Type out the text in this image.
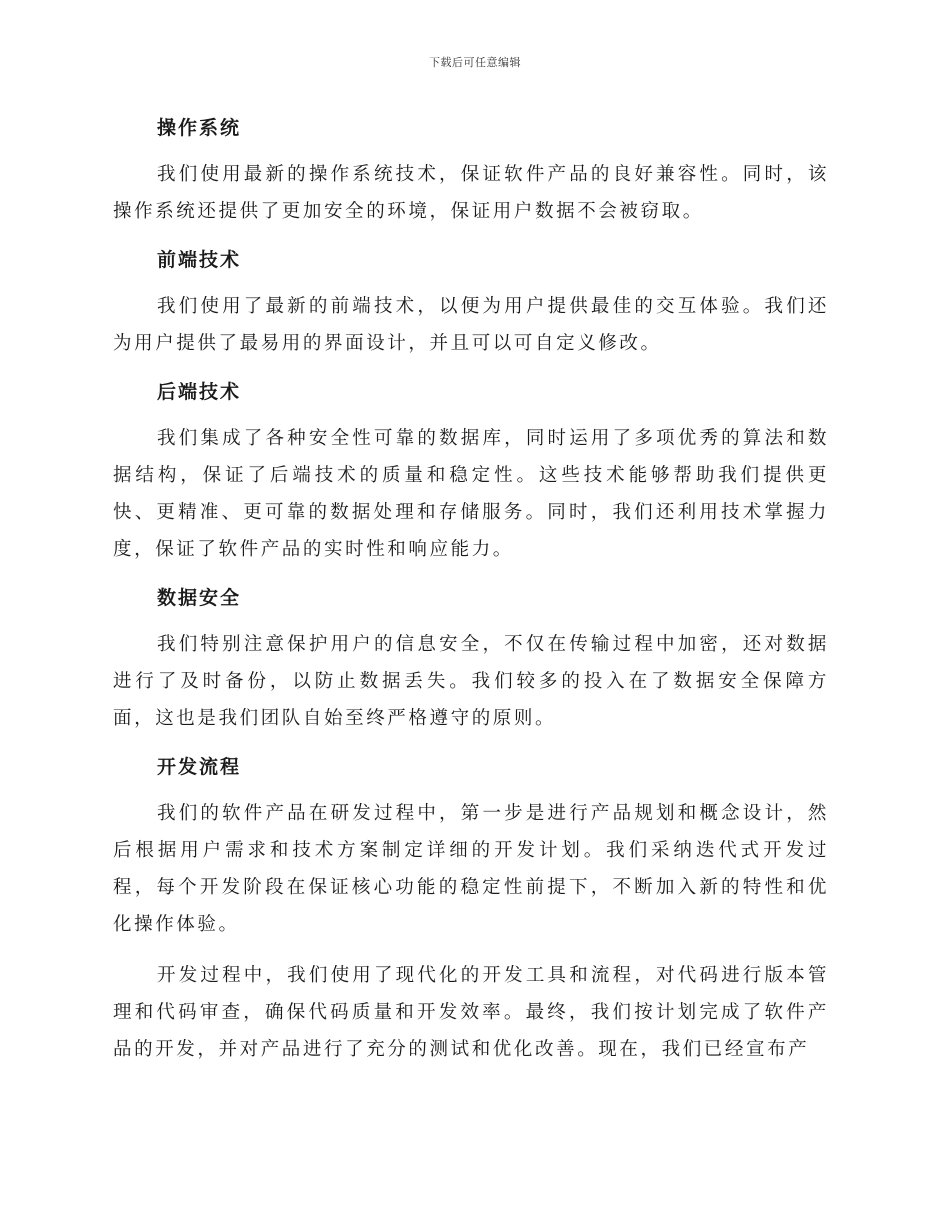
下载后可任意编辑
操作系统

我们使用最新的操作系统技术，保证软件产品的良好兼容性。同时，该操作系统还提供了更加安全的环境，保证用户数据不会被窃取。

前端技术

我们使用了最新的前端技术，以便为用户提供最佳的交互体验。我们还为用户提供了最易用的界面设计，并且可以可自定义修改。

后端技术

我们集成了各种安全性可靠的数据库，同时运用了多项优秀的算法和数据结构，保证了后端技术的质量和稳定性。这些技术能够帮助我们提供更快、更精准、更可靠的数据处理和存储服务。同时，我们还利用技术掌握力度，保证了软件产品的实时性和响应能力。

数据安全

我们特别注意保护用户的信息安全，不仅在传输过程中加密，还对数据进行了及时备份，以防止数据丢失。我们较多的投入在了数据安全保障方面，这也是我们团队自始至终严格遵守的原则。

开发流程

我们的软件产品在研发过程中，第一步是进行产品规划和概念设计，然后根据用户需求和技术方案制定详细的开发计划。我们采纳迭代式开发过程，每个开发阶段在保证核心功能的稳定性前提下，不断加入新的特性和优化操作体验。

开发过程中，我们使用了现代化的开发工具和流程，对代码进行版本管理和代码审查，确保代码质量和开发效率。最终，我们按计划完成了软件产品的开发，并对产品进行了充分的测试和优化改善。现在，我们已经宣布产
